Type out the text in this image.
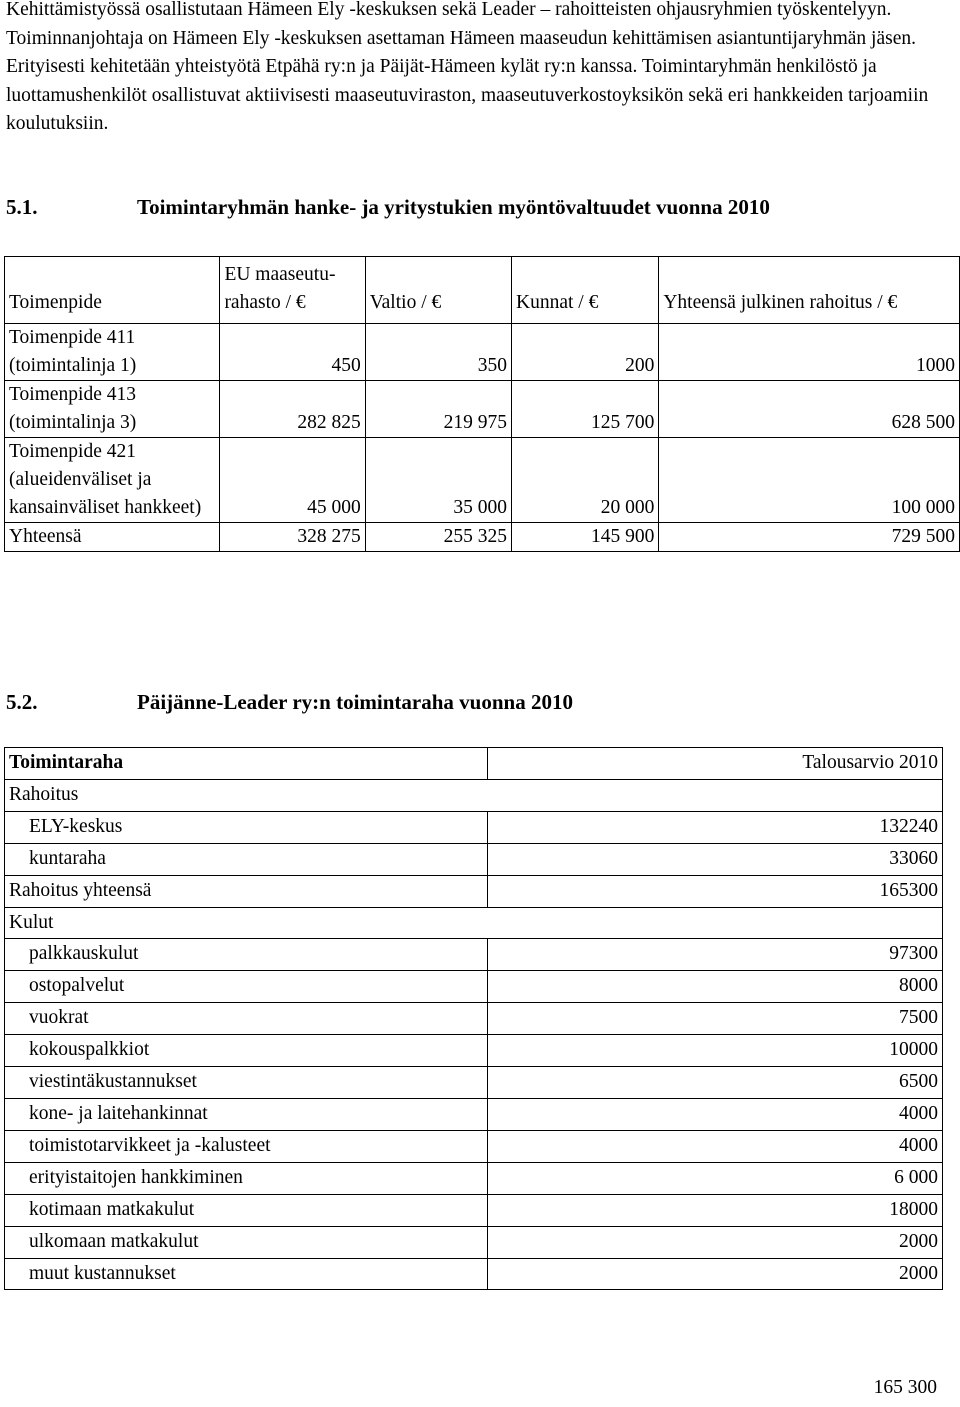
Kehittämistyössä osallistutaan Hämeen Ely -keskuksen sekä Leader – rahoitteisten ohjausryhmien työskentelyyn. Toiminnanjohtaja on Hämeen Ely -keskuksen asettaman Hämeen maaseudun kehittämisen asiantuntijaryhmän jäsen. Erityisesti kehitetään yhteistyötä Etpähä ry:n ja Päijät-Hämeen kylät ry:n kanssa. Toimintaryhmän henkilöstö ja luottamushenkilöt osallistuvat aktiivisesti maaseutuviraston, maaseutuverkostoyksikön sekä eri hankkeiden tarjoamiin koulutuksiin.

5.1.	Toimintaryhmän hanke- ja yritystukien myöntövaltuudet vuonna 2010
Toimenpide	EU maaseutu-rahasto / €	Valtio / €	Kunnat / €	Yhteensä julkinen rahoitus / €
Toimenpide 411 (toimintalinja 1)	450	350	200	1000
Toimenpide 413 (toimintalinja 3)	282 825	219 975	125 700	628 500
Toimenpide 421 (alueidenväliset ja kansainväliset hankkeet)	45 000	35 000	20 000	100 000
Yhteensä	328 275	255 325	145 900	729 500
5.2.	Päijänne-Leader ry:n toimintaraha vuonna 2010
Toimintaraha	Talousarvio 2010
Rahoitus	
ELY-keskus	132240
kuntaraha	33060
Rahoitus yhteensä	165300
Kulut	
palkkauskulut	97300
ostopalvelut	8000
vuokrat	7500
kokouspalkkiot	10000
viestintäkustannukset	6500
kone- ja laitehankinnat	4000
toimistotarvikkeet ja -kalusteet	4000
erityistaitojen hankkiminen	6 000
kotimaan matkakulut	18000
ulkomaan matkakulut	2000
muut kustannukset	2000
165 300
